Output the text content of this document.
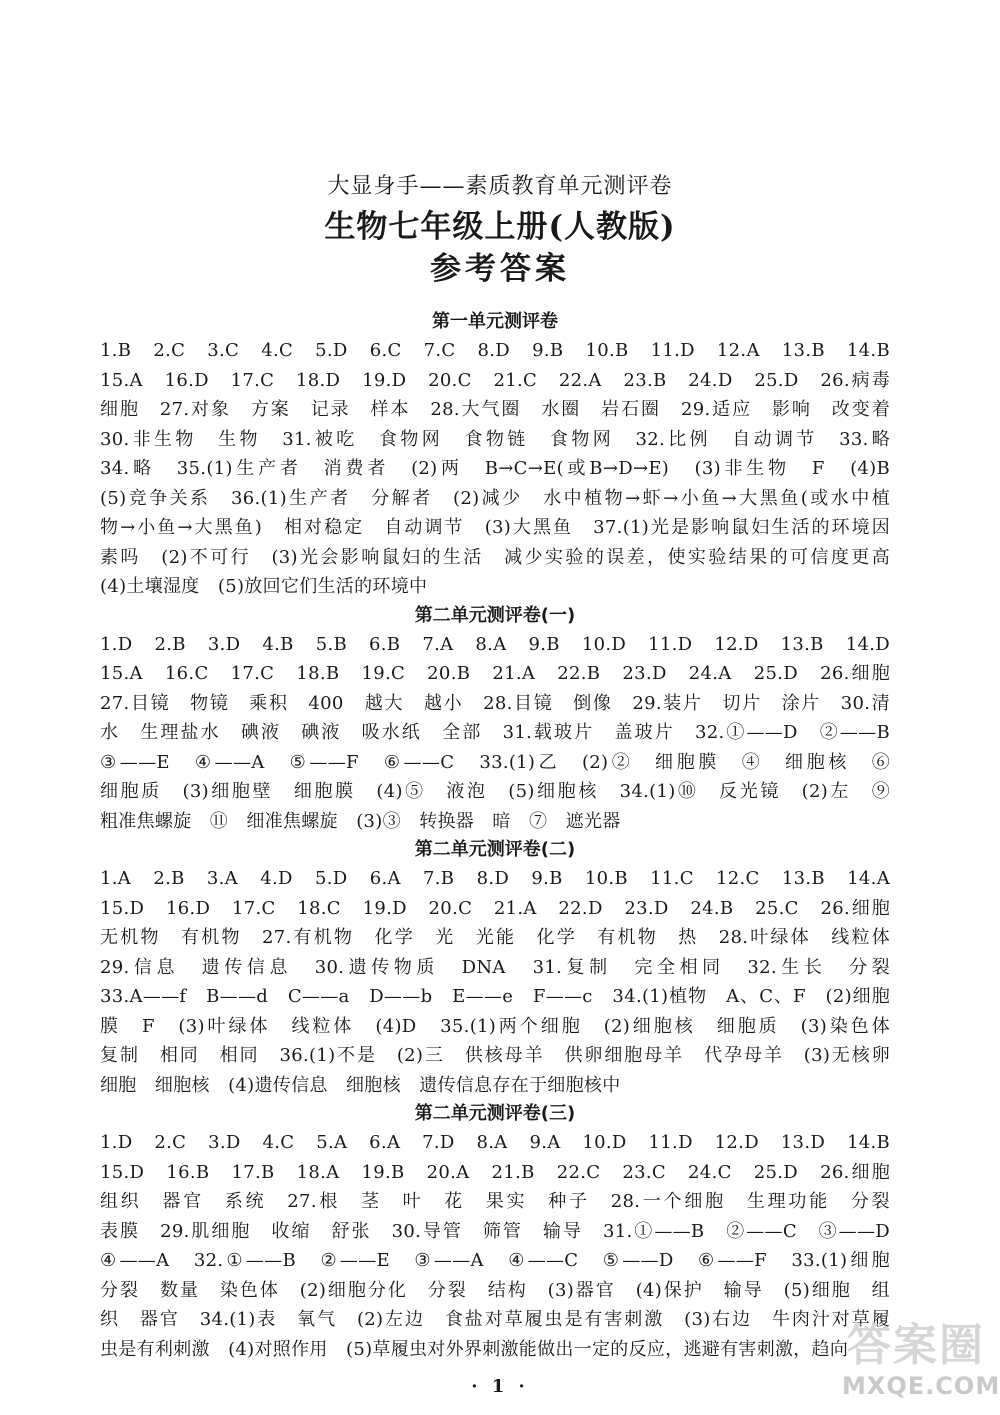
大显身手——素质教育单元测评卷
生物七年级上册(人教版)
参考答案
第一单元测评卷
1.B　2.C　3.C　4.C　5.D　6.C　7.C　8.D　9.B　10.B　11.D　12.A　13.B　14.B
15.A　16.D　17.C　18.D　19.D　20.C　21.C　22.A　23.B　24.D　25.D　26.病毒
细胞　27.对象　方案　记录　样本　28.大气圈　水圈　岩石圈　29.适应　影响　改变着
30.非生物　生物　31.被吃　食物网　食物链　食物网　32.比例　自动调节　33.略
34.略　35.(1)生产者　消费者　(2)两　B→C→E(或B→D→E)　(3)非生物　F　(4)B
(5)竞争关系　36.(1)生产者　分解者　(2)减少　水中植物→虾→小鱼→大黑鱼(或水中植
物→小鱼→大黑鱼)　相对稳定　自动调节　(3)大黑鱼　37.(1)光是影响鼠妇生活的环境因
素吗　(2)不可行　(3)光会影响鼠妇的生活　减少实验的误差，使实验结果的可信度更高
(4)土壤湿度　(5)放回它们生活的环境中
第二单元测评卷(一)
1.D　2.B　3.D　4.B　5.B　6.B　7.A　8.A　9.B　10.D　11.D　12.D　13.B　14.D
15.A　16.C　17.C　18.B　19.C　20.B　21.A　22.B　23.D　24.A　25.D　26.细胞
27.目镜　物镜　乘积　400　越大　越小　28.目镜　倒像　29.装片　切片　涂片　30.清
水　生理盐水　碘液　碘液　吸水纸　全部　31.载玻片　盖玻片　32.①——D　②——B
③——E　④——A　⑤——F　⑥——C　33.(1)乙　(2)②　细胞膜　④　细胞核　⑥
细胞质　(3)细胞壁　细胞膜　(4)⑤　液泡　(5)细胞核　34.(1)⑩　反光镜　(2)左　⑨
粗准焦螺旋　⑪　细准焦螺旋　(3)③　转换器　暗　⑦　遮光器
第二单元测评卷(二)
1.A　2.B　3.A　4.D　5.D　6.A　7.B　8.D　9.B　10.B　11.C　12.C　13.B　14.A
15.D　16.D　17.C　18.C　19.D　20.C　21.A　22.D　23.D　24.B　25.C　26.细胞
无机物　有机物　27.有机物　化学　光　光能　化学　有机物　热　28.叶绿体　线粒体
29.信息　遗传信息　30.遗传物质　DNA　31.复制　完全相同　32.生长　分裂
33.A——f　B——d　C——a　D——b　E——e　F——c　34.(1)植物　A、C、F　(2)细胞
膜　F　(3)叶绿体　线粒体　(4)D　35.(1)两个细胞　(2)细胞核　细胞质　(3)染色体
复制　相同　相同　36.(1)不是　(2)三　供核母羊　供卵细胞母羊　代孕母羊　(3)无核卵
细胞　细胞核　(4)遗传信息　细胞核　遗传信息存在于细胞核中
第二单元测评卷(三)
1.D　2.C　3.D　4.C　5.A　6.A　7.D　8.A　9.A　10.D　11.D　12.D　13.D　14.B
15.D　16.B　17.B　18.A　19.B　20.A　21.B　22.C　23.C　24.C　25.D　26.细胞
组织　器官　系统　27.根　茎　叶　花　果实　种子　28.一个细胞　生理功能　分裂
表膜　29.肌细胞　收缩　舒张　30.导管　筛管　输导　31.①——B　②——C　③——D
④——A　32.①——B　②——E　③——A　④——C　⑤——D　⑥——F　33.(1)细胞
分裂　数量　染色体　(2)细胞分化　分裂　结构　(3)器官　(4)保护　输导　(5)细胞　组
织　器官　34.(1)表　氧气　(2)左边　食盐对草履虫是有害刺激　(3)右边　牛肉汁对草履
虫是有利刺激　(4)对照作用　(5)草履虫对外界刺激能做出一定的反应，逃避有害刺激，趋向
· 1 ·
答案圈
MXQE.COM
